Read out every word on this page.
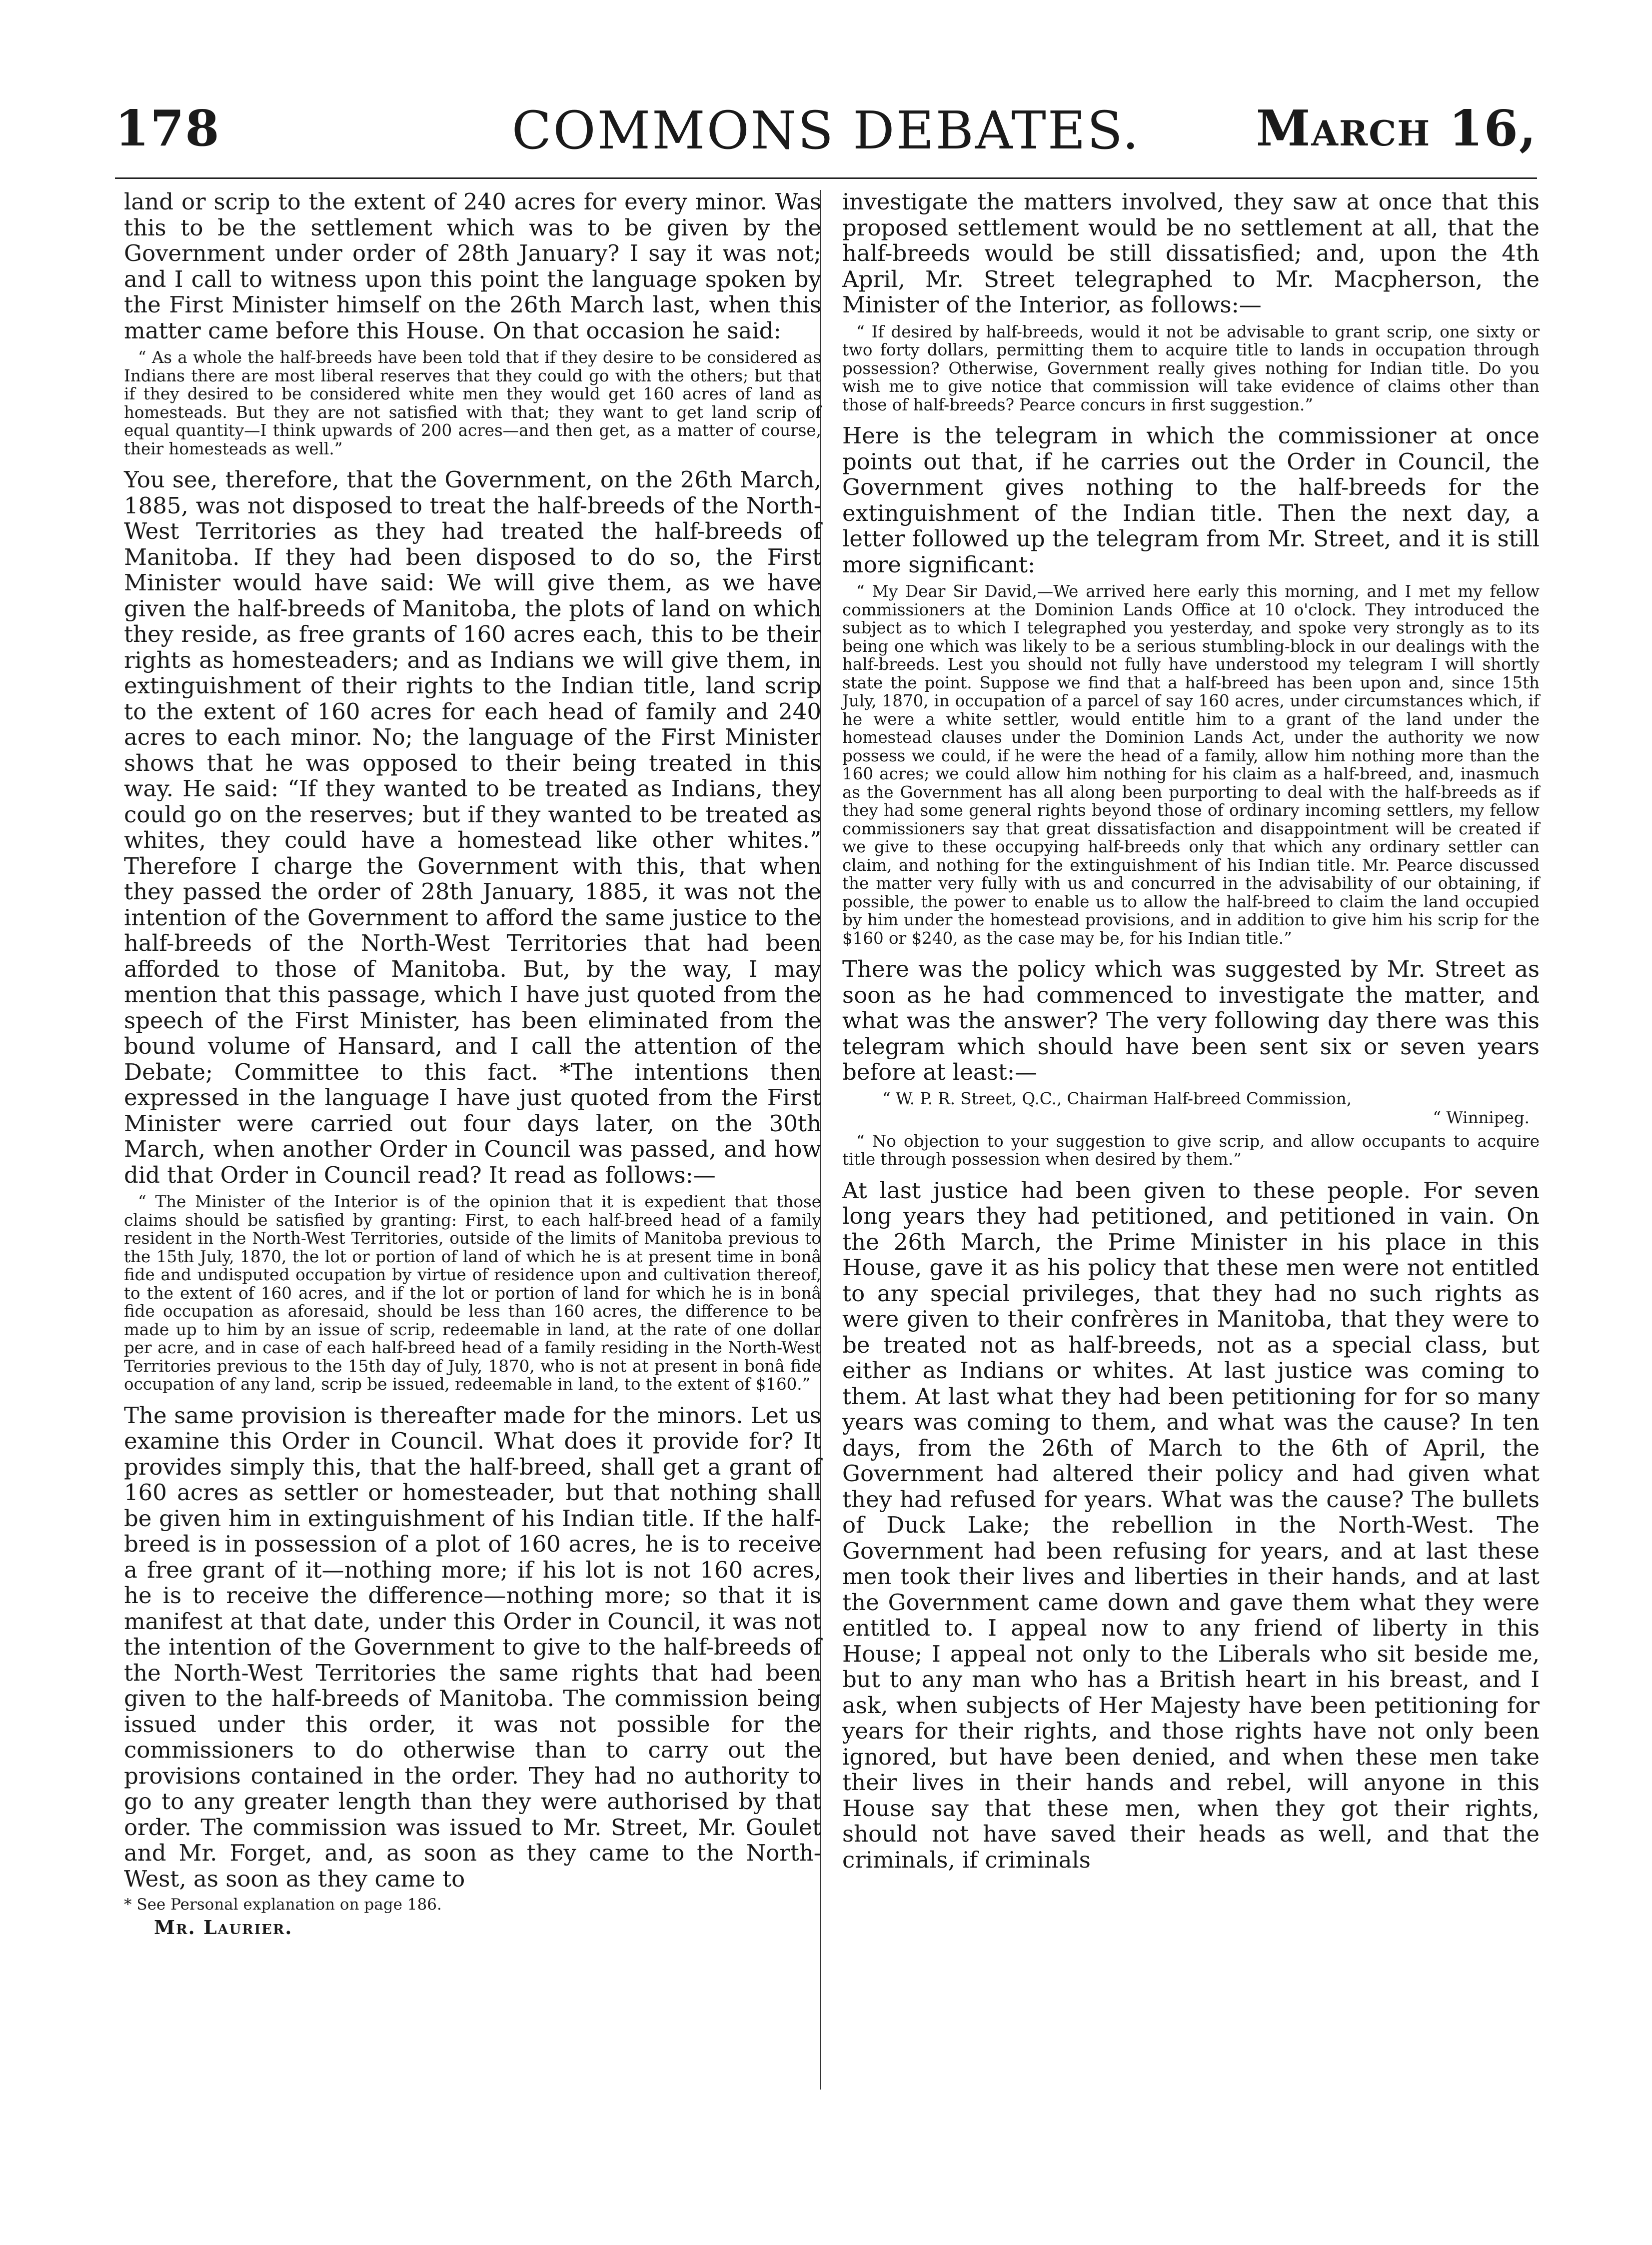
178	COMMONS DEBATES.	March 16,

land or scrip to the extent of 240 acres for every minor. Was this to be the settlement which was to be given by the Government under order of 28th January? I say it was not; and I call to witness upon this point the language spoken by the First Minister himself on the 26th March last, when this matter came before this House. On that occasion he said:

“ As a whole the half-breeds have been told that if they desire to be considered as Indians there are most liberal reserves that they could go with the others; but that if they desired to be considered white men they would get 160 acres of land as homesteads. But they are not satisfied with that; they want to get land scrip of equal quantity—I think upwards of 200 acres—and then get, as a matter of course, their homesteads as well.”

You see, therefore, that the Government, on the 26th March, 1885, was not disposed to treat the half-breeds of the North-West Territories as they had treated the half-breeds of Manitoba. If they had been disposed to do so, the First Minister would have said: We will give them, as we have given the half-breeds of Manitoba, the plots of land on which they reside, as free grants of 160 acres each, this to be their rights as homesteaders; and as Indians we will give them, in extinguishment of their rights to the Indian title, land scrip to the extent of 160 acres for each head of family and 240 acres to each minor. No; the language of the First Minister shows that he was opposed to their being treated in this way. He said: “If they wanted to be treated as Indians, they could go on the reserves; but if they wanted to be treated as whites, they could have a homestead like other whites.” Therefore I charge the Government with this, that when they passed the order of 28th January, 1885, it was not the intention of the Government to afford the same justice to the half-breeds of the North-West Territories that had been afforded to those of Manitoba. But, by the way, I may mention that this passage, which I have just quoted from the speech of the First Minister, has been eliminated from the bound volume of Hansard, and I call the attention of the Debate; Committee to this fact. *The intentions then expressed in the language I have just quoted from the First Minister were carried out four days later, on the 30th March, when another Order in Council was passed, and how did that Order in Council read? It read as follows:—

“ The Minister of the Interior is of the opinion that it is expedient that those claims should be satisfied by granting: First, to each half-breed head of a family resident in the North-West Territories, outside of the limits of Manitoba previous to the 15th July, 1870, the lot or portion of land of which he is at present time in bonâ fide and undisputed occupation by virtue of residence upon and cultivation thereof, to the extent of 160 acres, and if the lot or portion of land for which he is in bonâ fide occupation as aforesaid, should be less than 160 acres, the difference to be made up to him by an issue of scrip, redeemable in land, at the rate of one dollar per acre, and in case of each half-breed head of a family residing in the North-West Territories previous to the 15th day of July, 1870, who is not at present in bonâ fide occupation of any land, scrip be issued, redeemable in land, to the extent of $160.”

The same provision is thereafter made for the minors. Let us examine this Order in Council. What does it provide for? It provides simply this, that the half-breed, shall get a grant of 160 acres as settler or homesteader, but that nothing shall be given him in extinguishment of his Indian title. If the half-breed is in possession of a plot of 160 acres, he is to receive a free grant of it—nothing more; if his lot is not 160 acres, he is to receive the difference—nothing more; so that it is manifest at that date, under this Order in Council, it was not the intention of the Government to give to the half-breeds of the North-West Territories the same rights that had been given to the half-breeds of Manitoba. The commission being issued under this order, it was not possible for the commissioners to do otherwise than to carry out the provisions contained in the order. They had no authority to go to any greater length than they were authorised by that order. The commission was issued to Mr. Street, Mr. Goulet and Mr. Forget, and, as soon as they came to the North-West, as soon as they came to

* See Personal explanation on page 186.

Mr. Laurier.

investigate the matters involved, they saw at once that this proposed settlement would be no settlement at all, that the half-breeds would be still dissatisfied; and, upon the 4th April, Mr. Street telegraphed to Mr. Macpherson, the Minister of the Interior, as follows:—

“ If desired by half-breeds, would it not be advisable to grant scrip, one sixty or two forty dollars, permitting them to acquire title to lands in occupation through possession? Otherwise, Government really gives nothing for Indian title. Do you wish me to give notice that commission will take evidence of claims other than those of half-breeds? Pearce concurs in first suggestion.”

Here is the telegram in which the commissioner at once points out that, if he carries out the Order in Council, the Government gives nothing to the half-breeds for the extinguishment of the Indian title. Then the next day, a letter followed up the telegram from Mr. Street, and it is still more significant:

“ My Dear Sir David,—We arrived here early this morning, and I met my fellow commissioners at the Dominion Lands Office at 10 o'clock. They introduced the subject as to which I telegraphed you yesterday, and spoke very strongly as to its being one which was likely to be a serious stumbling-block in our dealings with the half-breeds. Lest you should not fully have understood my telegram I will shortly state the point. Suppose we find that a half-breed has been upon and, since 15th July, 1870, in occupation of a parcel of say 160 acres, under circumstances which, if he were a white settler, would entitle him to a grant of the land under the homestead clauses under the Dominion Lands Act, under the authority we now possess we could, if he were the head of a family, allow him nothing more than the 160 acres; we could allow him nothing for his claim as a half-breed, and, inasmuch as the Government has all along been purporting to deal with the half-breeds as if they had some general rights beyond those of ordinary incoming settlers, my fellow commissioners say that great dissatisfaction and disappointment will be created if we give to these occupying half-breeds only that which any ordinary settler can claim, and nothing for the extinguishment of his Indian title. Mr. Pearce discussed the matter very fully with us and concurred in the advisability of our obtaining, if possible, the power to enable us to allow the half-breed to claim the land occupied by him under the homestead provisions, and in addition to give him his scrip for the $160 or $240, as the case may be, for his Indian title.”

There was the policy which was suggested by Mr. Street as soon as he had commenced to investigate the matter, and what was the answer? The very following day there was this telegram which should have been sent six or seven years before at least:—

“ W. P. R. Street, Q.C., Chairman Half-breed Commission,

“ Winnipeg.

“ No objection to your suggestion to give scrip, and allow occupants to acquire title through possession when desired by them.”

At last justice had been given to these people. For seven long years they had petitioned, and petitioned in vain. On the 26th March, the Prime Minister in his place in this House, gave it as his policy that these men were not entitled to any special privileges, that they had no such rights as were given to their confrères in Manitoba, that they were to be treated not as half-breeds, not as a special class, but either as Indians or whites. At last justice was coming to them. At last what they had been petitioning for for so many years was coming to them, and what was the cause? In ten days, from the 26th of March to the 6th of April, the Government had altered their policy and had given what they had refused for years. What was the cause? The bullets of Duck Lake; the rebellion in the North-West. The Government had been refusing for years, and at last these men took their lives and liberties in their hands, and at last the Government came down and gave them what they were entitled to. I appeal now to any friend of liberty in this House; I appeal not only to the Liberals who sit beside me, but to any man who has a British heart in his breast, and I ask, when subjects of Her Majesty have been petitioning for years for their rights, and those rights have not only been ignored, but have been denied, and when these men take their lives in their hands and rebel, will anyone in this House say that these men, when they got their rights, should not have saved their heads as well, and that the criminals, if criminals
